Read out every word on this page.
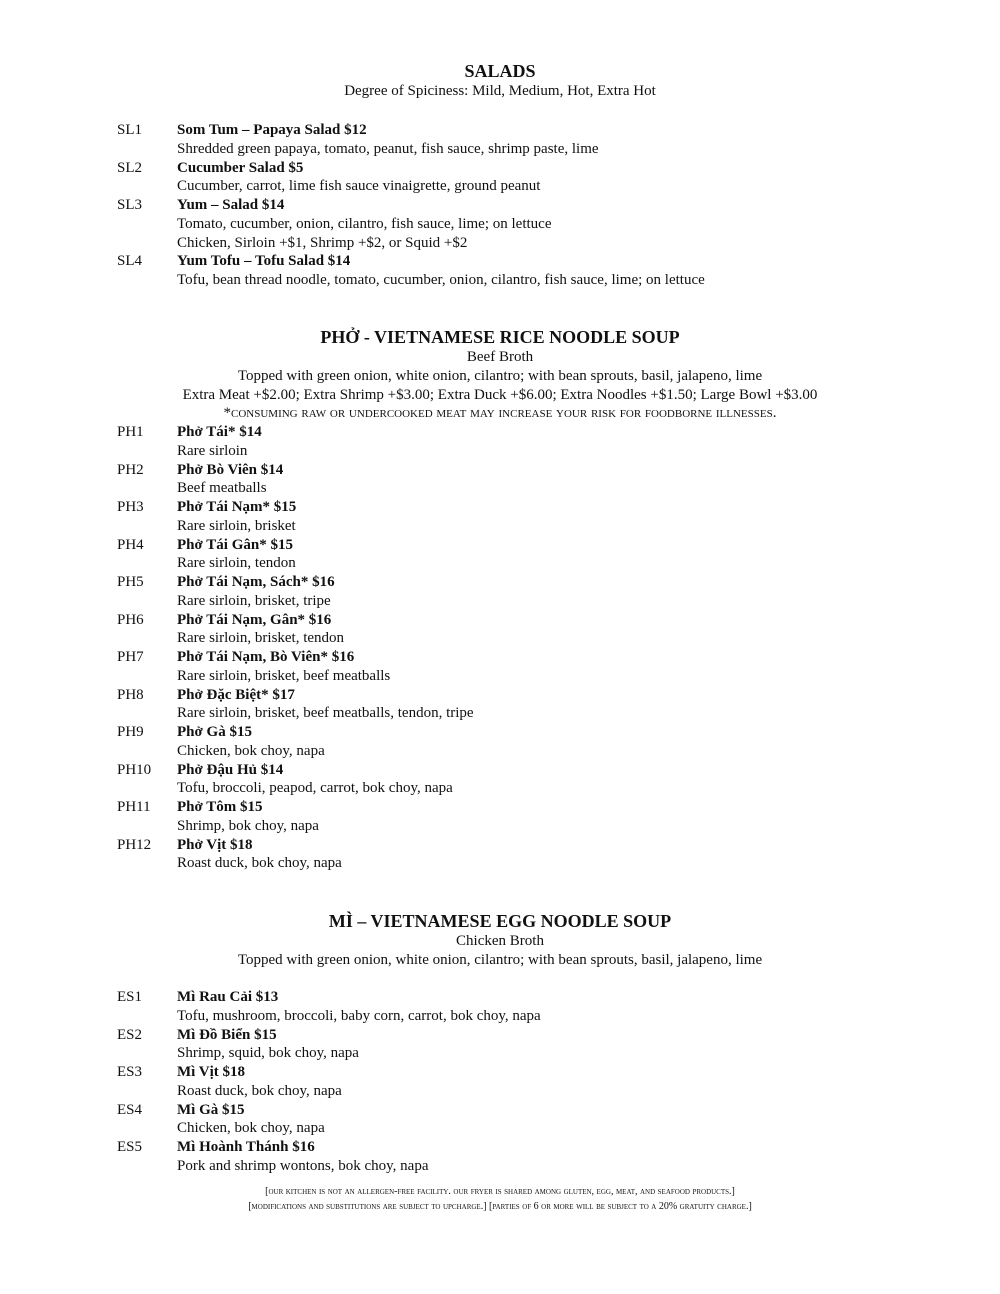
SALADS
Degree of Spiciness: Mild, Medium, Hot, Extra Hot
SL1 Som Tum – Papaya Salad $12
Shredded green papaya, tomato, peanut, fish sauce, shrimp paste, lime
SL2 Cucumber Salad $5
Cucumber, carrot, lime fish sauce vinaigrette, ground peanut
SL3 Yum – Salad $14
Tomato, cucumber, onion, cilantro, fish sauce, lime; on lettuce
Chicken, Sirloin +$1, Shrimp +$2, or Squid +$2
SL4 Yum Tofu – Tofu Salad $14
Tofu, bean thread noodle, tomato, cucumber, onion, cilantro, fish sauce, lime; on lettuce
PHỞ - VIETNAMESE RICE NOODLE SOUP
Beef Broth
Topped with green onion, white onion, cilantro; with bean sprouts, basil, jalapeno, lime
Extra Meat +$2.00; Extra Shrimp +$3.00; Extra Duck +$6.00; Extra Noodles +$1.50; Large Bowl +$3.00
*consuming raw or undercooked meat may increase your risk for foodborne illnesses.
PH1 Phở Tái* $14
Rare sirloin
PH2 Phở Bò Viên $14
Beef meatballs
PH3 Phở Tái Nạm* $15
Rare sirloin, brisket
PH4 Phở Tái Gân* $15
Rare sirloin, tendon
PH5 Phở Tái Nạm, Sách* $16
Rare sirloin, brisket, tripe
PH6 Phở Tái Nạm, Gân* $16
Rare sirloin, brisket, tendon
PH7 Phở Tái Nạm, Bò Viên* $16
Rare sirloin, brisket, beef meatballs
PH8 Phở Đặc Biệt* $17
Rare sirloin, brisket, beef meatballs, tendon, tripe
PH9 Phở Gà $15
Chicken, bok choy, napa
PH10 Phở Đậu Hủ $14
Tofu, broccoli, peapod, carrot, bok choy, napa
PH11 Phở Tôm $15
Shrimp, bok choy, napa
PH12 Phở Vịt $18
Roast duck, bok choy, napa
MÌ – VIETNAMESE EGG NOODLE SOUP
Chicken Broth
Topped with green onion, white onion, cilantro; with bean sprouts, basil, jalapeno, lime
ES1 Mì Rau Cải $13
Tofu, mushroom, broccoli, baby corn, carrot, bok choy, napa
ES2 Mì Đồ Biển $15
Shrimp, squid, bok choy, napa
ES3 Mì Vịt $18
Roast duck, bok choy, napa
ES4 Mì Gà $15
Chicken, bok choy, napa
ES5 Mì Hoành Thánh $16
Pork and shrimp wontons, bok choy, napa
[our kitchen is not an allergen-free facility. our fryer is shared among gluten, egg, meat, and seafood products.]
[modifications and substitutions are subject to upcharge.] [parties of 6 or more will be subject to a 20% gratuity charge.]
